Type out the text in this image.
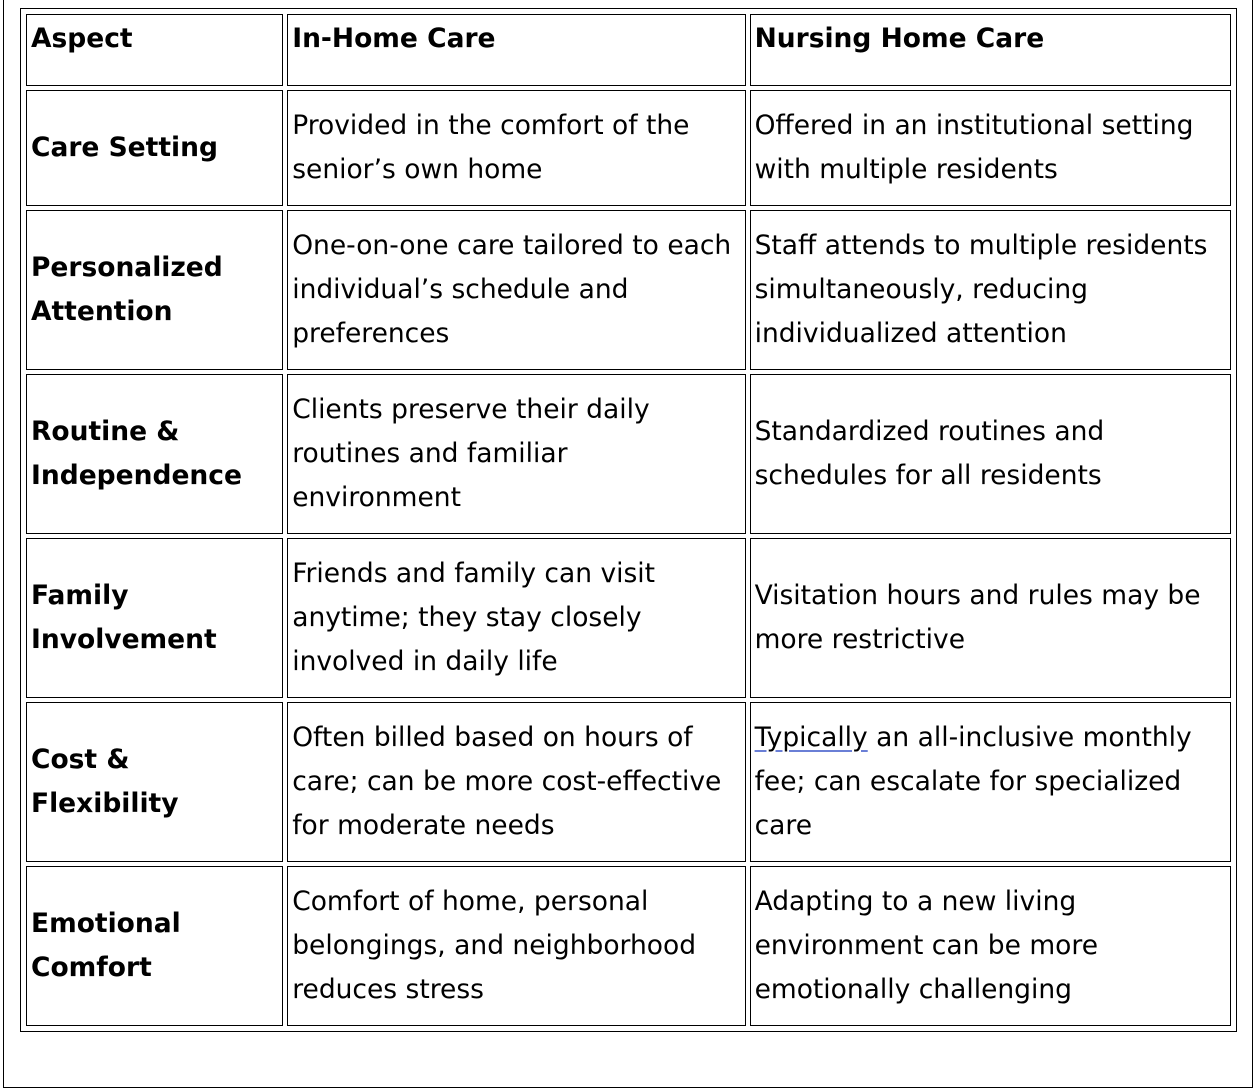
Aspect	In-Home Care	Nursing Home Care
Care Setting	Provided in the comfort of the senior’s own home	Offered in an institutional setting with multiple residents
Personalized Attention	One-on-one care tailored to each individual’s schedule and preferences	Staff attends to multiple residents simultaneously, reducing individualized attention
Routine & Independence	Clients preserve their daily routines and familiar environment	Standardized routines and schedules for all residents
Family Involvement	Friends and family can visit anytime; they stay closely involved in daily life	Visitation hours and rules may be more restrictive
Cost & Flexibility	Often billed based on hours of care; can be more cost-effective for moderate needs	Typically an all-inclusive monthly fee; can escalate for specialized care
Emotional Comfort	Comfort of home, personal belongings, and neighborhood reduces stress	Adapting to a new living environment can be more emotionally challenging
